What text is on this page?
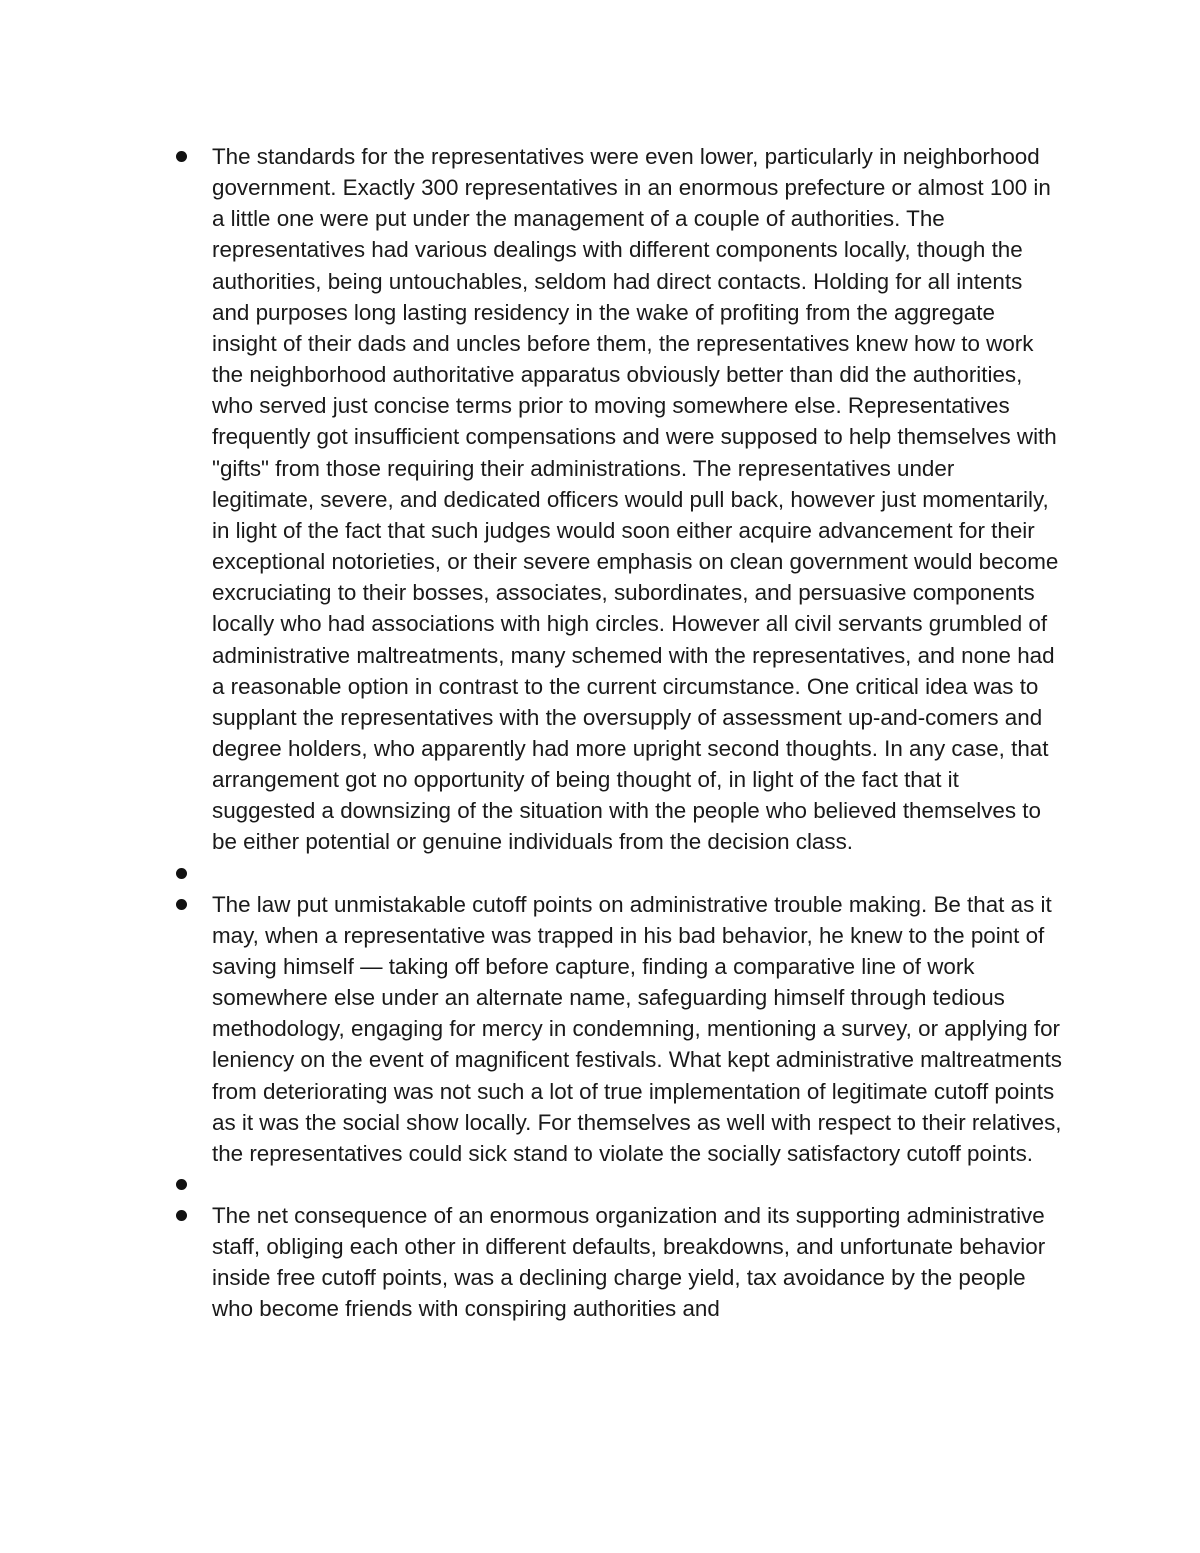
The standards for the representatives were even lower, particularly in neighborhood government. Exactly 300 representatives in an enormous prefecture or almost 100 in a little one were put under the management of a couple of authorities. The representatives had various dealings with different components locally, though the authorities, being untouchables, seldom had direct contacts. Holding for all intents and purposes long lasting residency in the wake of profiting from the aggregate insight of their dads and uncles before them, the representatives knew how to work the neighborhood authoritative apparatus obviously better than did the authorities, who served just concise terms prior to moving somewhere else. Representatives frequently got insufficient compensations and were supposed to help themselves with "gifts" from those requiring their administrations. The representatives under legitimate, severe, and dedicated officers would pull back, however just momentarily, in light of the fact that such judges would soon either acquire advancement for their exceptional notorieties, or their severe emphasis on clean government would become excruciating to their bosses, associates, subordinates, and persuasive components locally who had associations with high circles. However all civil servants grumbled of administrative maltreatments, many schemed with the representatives, and none had a reasonable option in contrast to the current circumstance. One critical idea was to supplant the representatives with the oversupply of assessment up-and-comers and degree holders, who apparently had more upright second thoughts. In any case, that arrangement got no opportunity of being thought of, in light of the fact that it suggested a downsizing of the situation with the people who believed themselves to be either potential or genuine individuals from the decision class.
The law put unmistakable cutoff points on administrative trouble making. Be that as it may, when a representative was trapped in his bad behavior, he knew to the point of saving himself — taking off before capture, finding a comparative line of work somewhere else under an alternate name, safeguarding himself through tedious methodology, engaging for mercy in condemning, mentioning a survey, or applying for leniency on the event of magnificent festivals. What kept administrative maltreatments from deteriorating was not such a lot of true implementation of legitimate cutoff points as it was the social show locally. For themselves as well with respect to their relatives, the representatives could sick stand to violate the socially satisfactory cutoff points.
The net consequence of an enormous organization and its supporting administrative staff, obliging each other in different defaults, breakdowns, and unfortunate behavior inside free cutoff points, was a declining charge yield, tax avoidance by the people who become friends with conspiring authorities and
